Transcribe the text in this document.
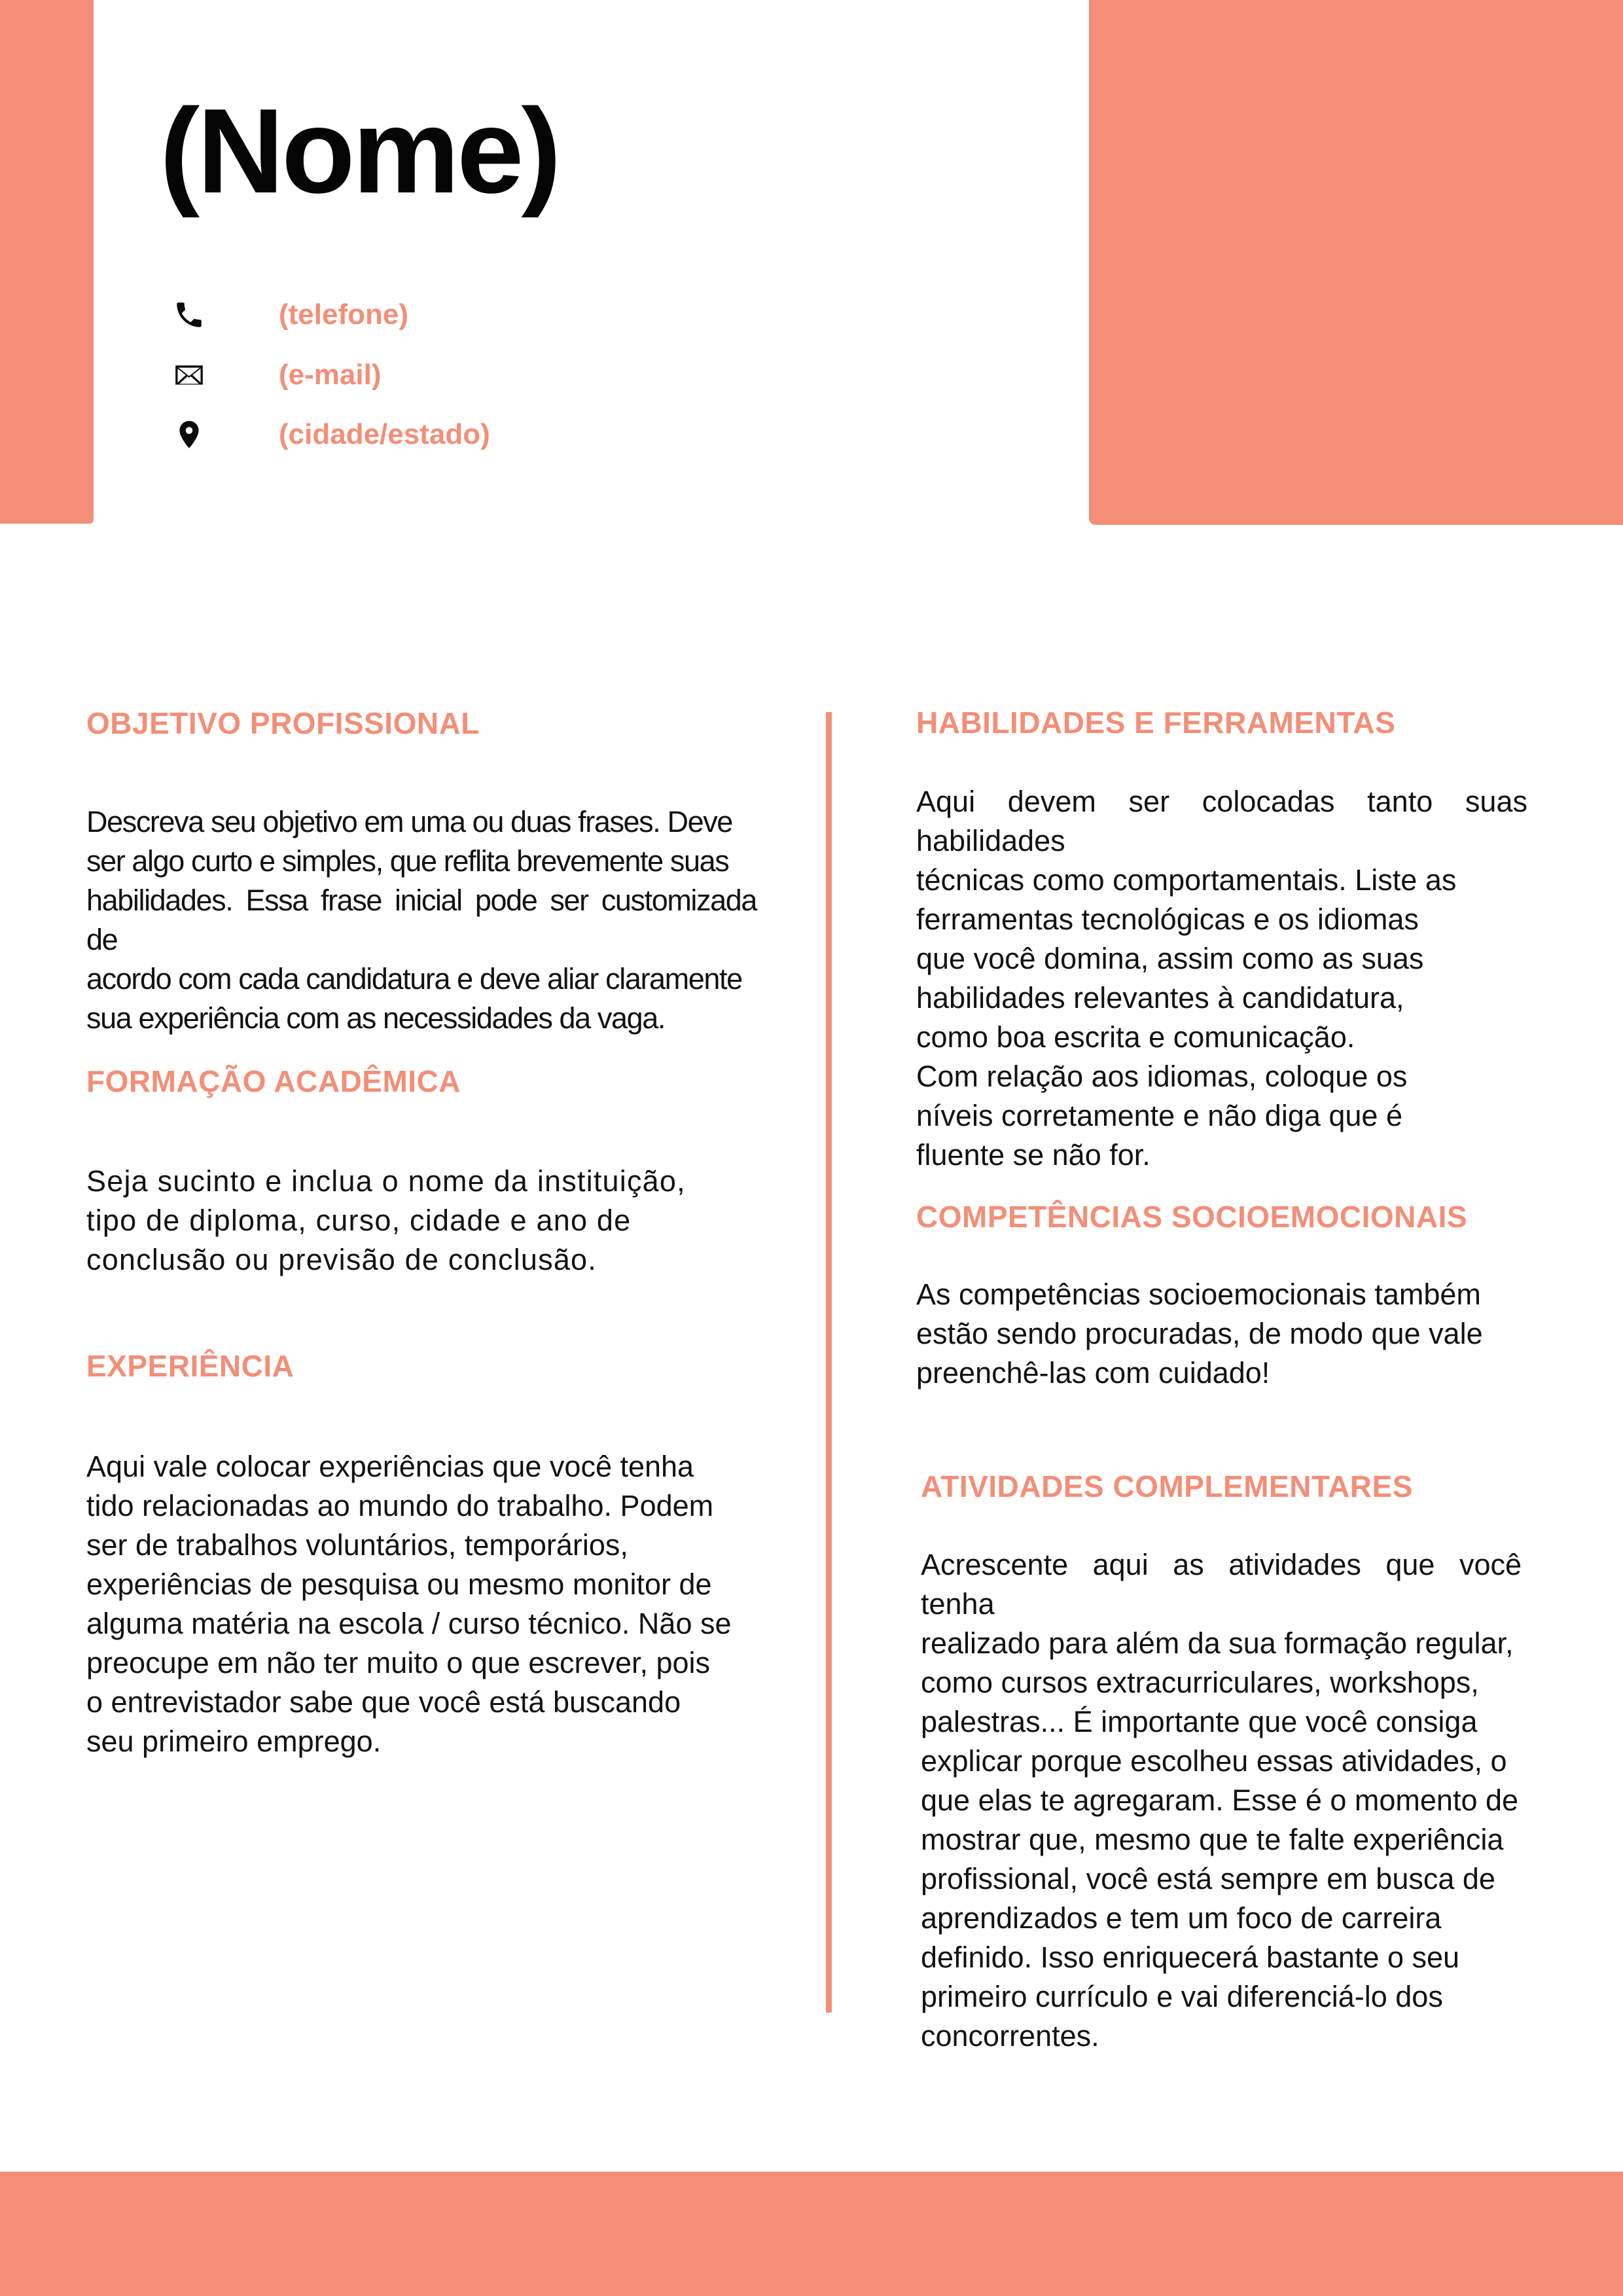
(Nome)
(telefone)
(e-mail)
(cidade/estado)
OBJETIVO PROFISSIONAL
Descreva seu objetivo em uma ou duas frases. Deve
ser algo curto e simples, que reflita brevemente suas
habilidades. Essa frase inicial pode ser customizada de
acordo com cada candidatura e deve aliar claramente
sua experiência com as necessidades da vaga.
FORMAÇÃO ACADÊMICA
Seja sucinto e inclua o nome da instituição,
tipo de diploma, curso, cidade e ano de
conclusão ou previsão de conclusão.
EXPERIÊNCIA
Aqui vale colocar experiências que você tenha
tido relacionadas ao mundo do trabalho. Podem
ser de trabalhos voluntários, temporários,
experiências de pesquisa ou mesmo monitor de
alguma matéria na escola / curso técnico. Não se
preocupe em não ter muito o que escrever, pois
o entrevistador sabe que você está buscando
seu primeiro emprego.
HABILIDADES E FERRAMENTAS
Aqui devem ser colocadas tanto suas habilidades
técnicas como comportamentais. Liste as
ferramentas tecnológicas e os idiomas
que você domina, assim como as suas
habilidades relevantes à candidatura,
como boa escrita e comunicação.
Com relação aos idiomas, coloque os
níveis corretamente e não diga que é
fluente se não for.
COMPETÊNCIAS SOCIOEMOCIONAIS
As competências socioemocionais também
estão sendo procuradas, de modo que vale
preenchê-las com cuidado!
ATIVIDADES COMPLEMENTARES
Acrescente aqui as atividades que você tenha
realizado para além da sua formação regular,
como cursos extracurriculares, workshops,
palestras... É importante que você consiga
explicar porque escolheu essas atividades, o
que elas te agregaram. Esse é o momento de
mostrar que, mesmo que te falte experiência
profissional, você está sempre em busca de
aprendizados e tem um foco de carreira
definido. Isso enriquecerá bastante o seu
primeiro currículo e vai diferenciá-lo dos
concorrentes.
